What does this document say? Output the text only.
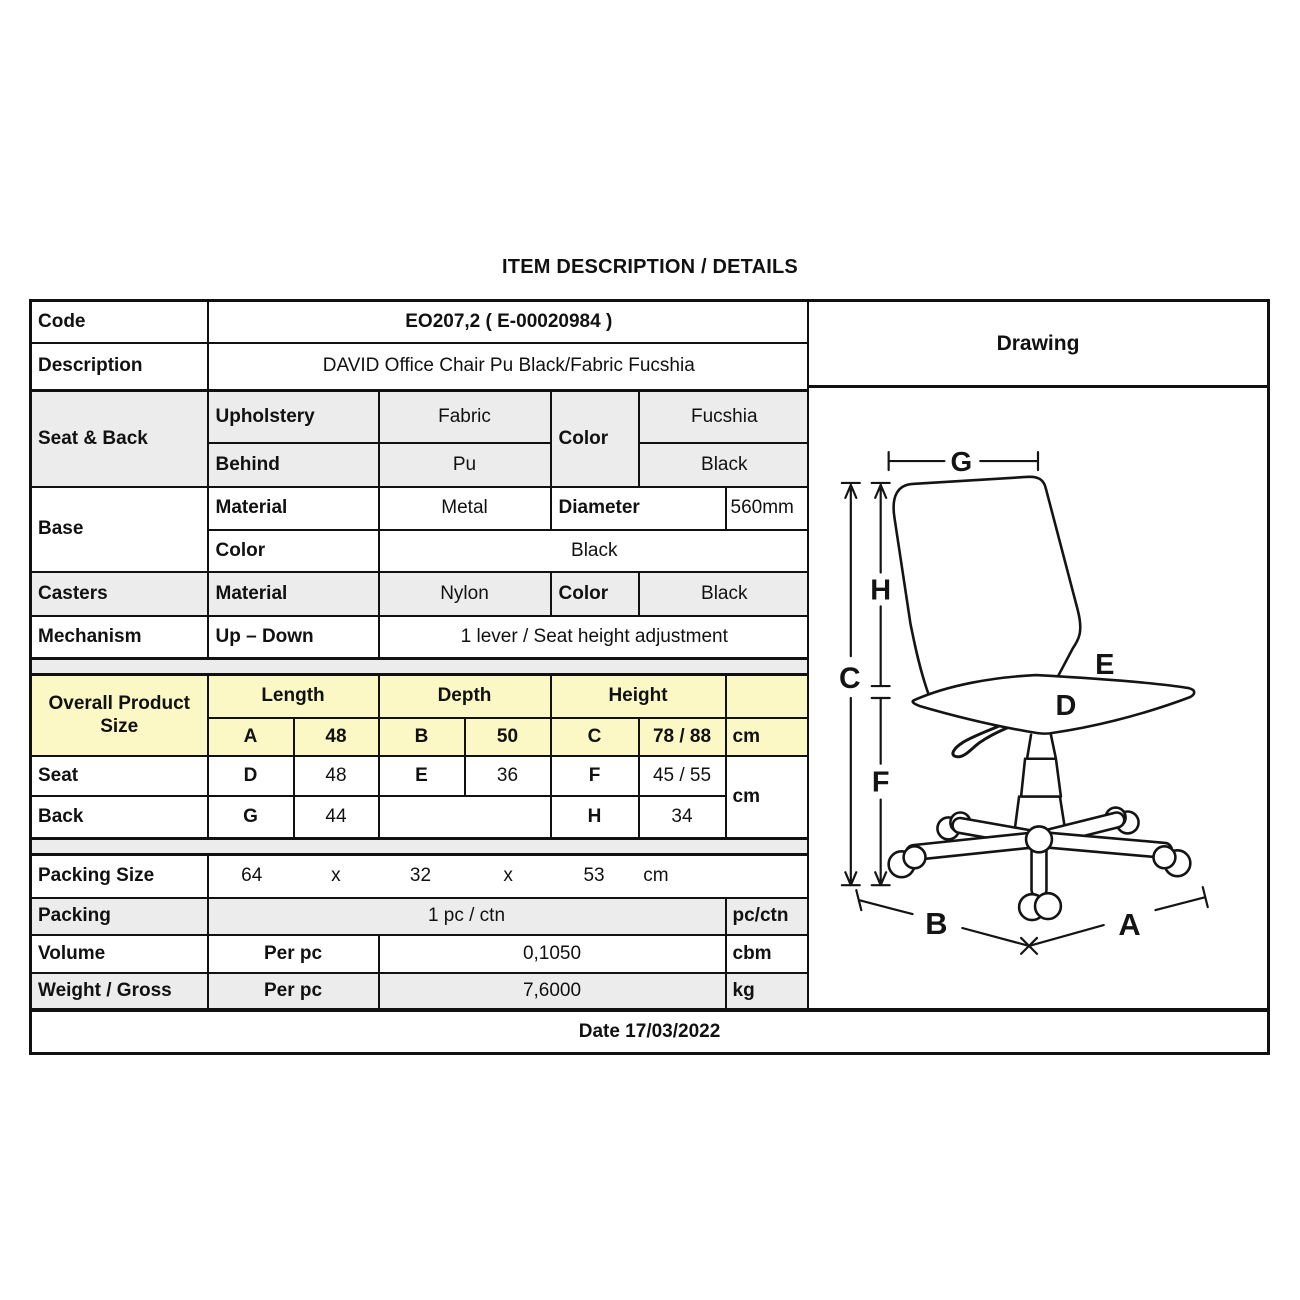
ITEM DESCRIPTION / DETAILS
Code	EO207,2 ( E-00020984 )						
Description	DAVID Office Chair Pu Black/Fabric Fucshia						
Seat & Back	Upholstery		Fabric		Color	Fucshia	
	Behind		Pu			Black	
Base	Material		Metal		Diameter		560mm
	Color		Black				
Casters	Material		Nylon		Color	Black	
Mechanism	Up – Down		1 lever / Seat height adjustment				

Overall Product
Size	Length		Depth		Height		
	A	48	B	50	C	78 / 88	cm
Seat	D	48	E	36	F	45 / 55	cm
Back	G	44			H	34	

Packing Size	64	x	32	x	53 cm

Packing	1 pc / ctn						pc/ctn
Volume	Per pc		0,1050				cbm
Weight / Gross	Per pc		7,6000				kg
Drawing
G
H
C	E
D
F
B	A
Date 17/03/2022
